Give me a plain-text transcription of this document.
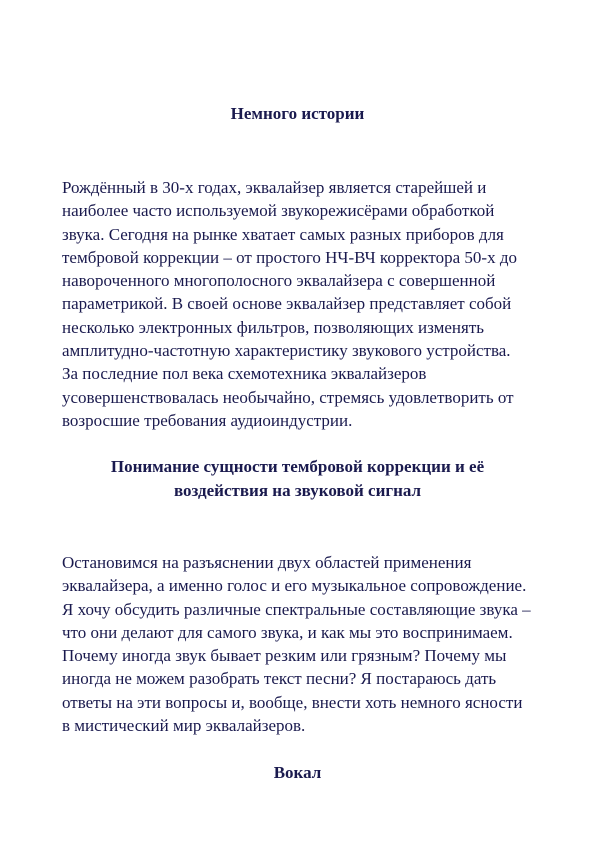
Немного истории

Рождённый в 30-х годах, эквалайзер является старейшей и
наиболее часто используемой звукорежисёрами обработкой
звука. Сегодня на рынке хватает самых разных приборов для
тембровой коррекции – от простого НЧ-ВЧ корректора 50-х до
навороченного многополосного эквалайзера с совершенной
параметрикой. В своей основе эквалайзер представляет собой
несколько электронных фильтров, позволяющих изменять
амплитудно-частотную характеристику звукового устройства.
За последние пол века схемотехника эквалайзеров
усовершенствовалась необычайно, стремясь удовлетворить от
возросшие требования аудиоиндустрии.

Понимание сущности тембровой коррекции и её
воздействия на звуковой сигнал

Остановимся на разъяснении двух областей применения
эквалайзера, а именно голос и его музыкальное сопровождение.
Я хочу обсудить различные спектральные составляющие звука –
что они делают для самого звука, и как мы это воспринимаем.
Почему иногда звук бывает резким или грязным? Почему мы
иногда не можем разобрать текст песни? Я постараюсь дать
ответы на эти вопросы и, вообще, внести хоть немного ясности
в мистический мир эквалайзеров.

Вокал
